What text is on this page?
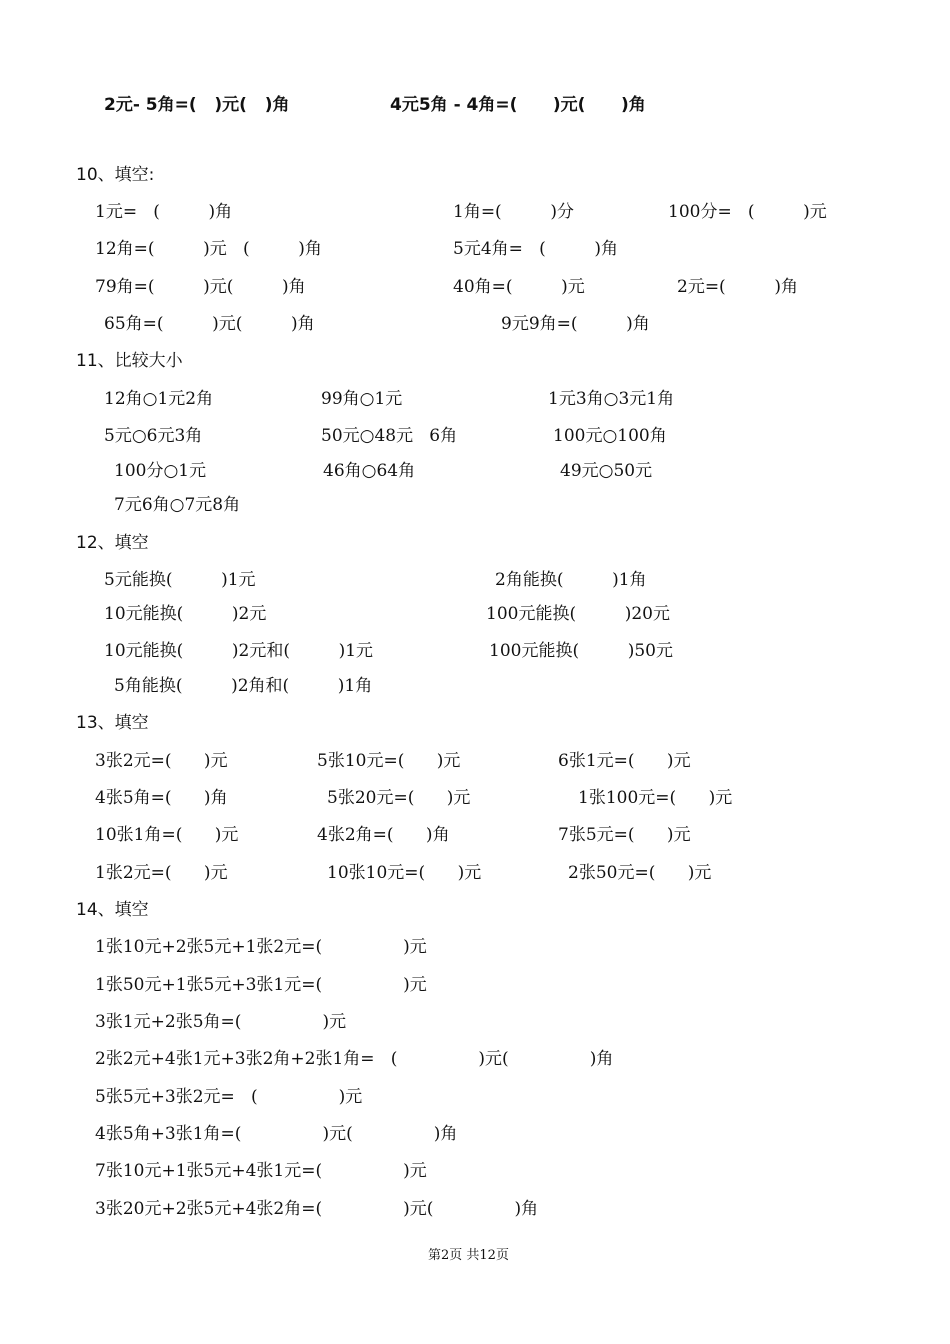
2元- 5角=(   )元(   )角	4元5角 - 4角=(      )元(      )角
10、填空:
1元=   (         )角	1角=(         )分	100分=   (         )元
12角=(         )元   (         )角	5元4角=   (         )角
79角=(         )元(         )角	40角=(         )元	2元=(         )角
65角=(         )元(         )角	9元9角=(         )角
11、比较大小
12角○1元2角	99角○1元	1元3角○3元1角
5元○6元3角	50元○48元   6角	100元○100角
100分○1元	46角○64角	49元○50元
7元6角○7元8角
12、填空
5元能换(         )1元	2角能换(         )1角
10元能换(         )2元	100元能换(         )20元
10元能换(         )2元和(         )1元	100元能换(         )50元
5角能换(         )2角和(         )1角
13、填空
3张2元=(      )元	5张10元=(      )元	6张1元=(      )元
4张5角=(      )角	5张20元=(      )元	1张100元=(      )元
10张1角=(      )元	4张2角=(      )角	7张5元=(      )元
1张2元=(      )元	10张10元=(      )元	2张50元=(      )元
14、填空
1张10元+2张5元+1张2元=(               )元
1张50元+1张5元+3张1元=(               )元
3张1元+2张5角=(               )元
2张2元+4张1元+3张2角+2张1角=   (               )元(               )角
5张5元+3张2元=   (               )元
4张5角+3张1角=(               )元(               )角
7张10元+1张5元+4张1元=(               )元
3张20元+2张5元+4张2角=(               )元(               )角
第2页 共12页
